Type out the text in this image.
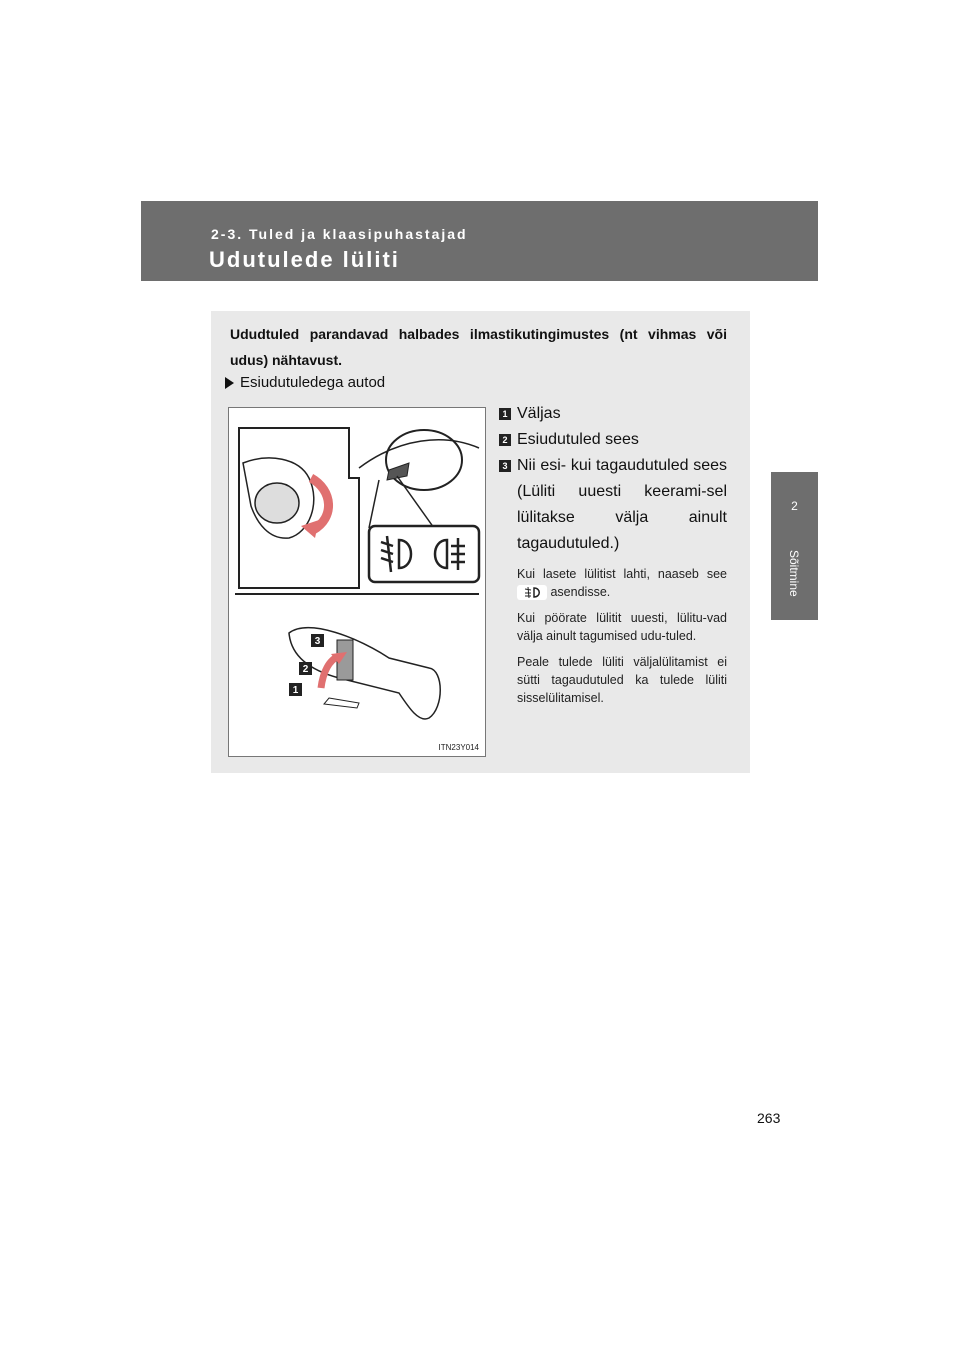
2-3. Tuled ja klaasipuhastajad
Udutulede lüliti
2
Sõitmine
Ududtuled parandavad halbades ilmastikutingimustes (nt vihmas või udus) nähtavust.
Esiudutuledega autod
3
2
1
ITN23Y014
1 Väljas
2 Esiudutuled sees
3 Nii esi- kui tagaudutuled sees (Lüliti uuesti keerami-sel lülitakse välja ainult tagaudutuled.)
Kui lasete lülitist lahti, naaseb see  asendisse.
Kui pöörate lülitit uuesti, lülitu-vad välja ainult tagumised udu-tuled.
Peale tulede lüliti väljalülitamist ei sütti tagaudutuled ka tulede lüliti sisselülitamisel.
263
